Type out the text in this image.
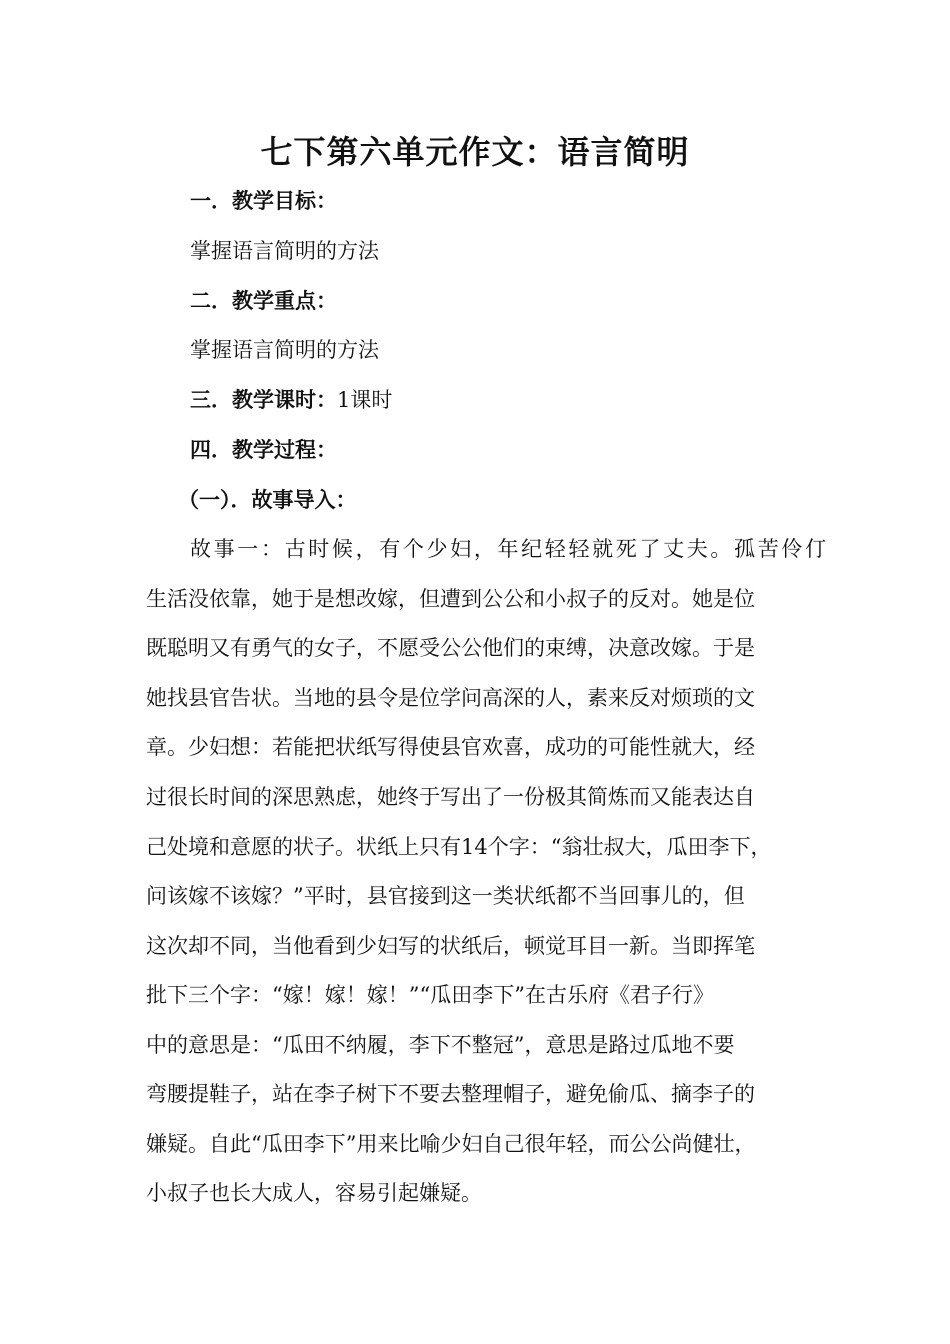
七下第六单元作文：语言简明
一．教学目标：
掌握语言简明的方法
二．教学重点：
掌握语言简明的方法
三．教学课时：1课时
四．教学过程：
（一）．故事导入：
故事一：古时候，有个少妇，年纪轻轻就死了丈夫。孤苦伶仃
生活没依靠，她于是想改嫁，但遭到公公和小叔子的反对。她是位
既聪明又有勇气的女子，不愿受公公他们的束缚，决意改嫁。于是
她找县官告状。当地的县令是位学问高深的人，素来反对烦琐的文
章。少妇想：若能把状纸写得使县官欢喜，成功的可能性就大，经
过很长时间的深思熟虑，她终于写出了一份极其简炼而又能表达自
己处境和意愿的状子。状纸上只有14个字：“翁壮叔大，瓜田李下，
问该嫁不该嫁？”平时，县官接到这一类状纸都不当回事儿的，但
这次却不同，当他看到少妇写的状纸后，顿觉耳目一新。当即挥笔
批下三个字：“嫁！嫁！嫁！”“瓜田李下”在古乐府《君子行》
中的意思是：“瓜田不纳履，李下不整冠”，意思是路过瓜地不要
弯腰提鞋子，站在李子树下不要去整理帽子，避免偷瓜、摘李子的
嫌疑。自此“瓜田李下”用来比喻少妇自己很年轻，而公公尚健壮，
小叔子也长大成人，容易引起嫌疑。
